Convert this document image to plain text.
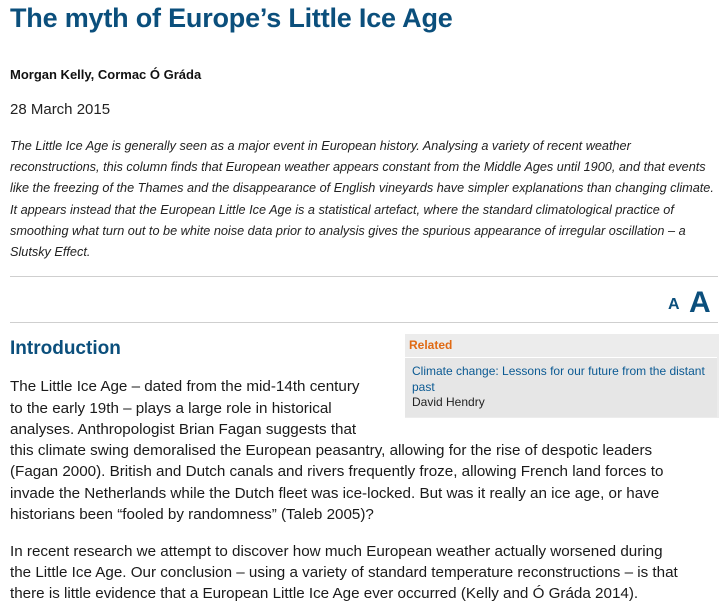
The myth of Europe’s Little Ice Age
Morgan Kelly, Cormac Ó Gráda
28 March 2015

The Little Ice Age is generally seen as a major event in European history. Analysing a variety of recent weather reconstructions, this column finds that European weather appears constant from the Middle Ages until 1900, and that events like the freezing of the Thames and the disappearance of English vineyards have simpler explanations than changing climate. It appears instead that the European Little Ice Age is a statistical artefact, where the standard climatological practice of smoothing what turn out to be white noise data prior to analysis gives the spurious appearance of irregular oscillation – a Slutsky Effect.

A A
Introduction	Related
Climate change: Lessons for our future from the distant past
David Hendry
The Little Ice Age – dated from the mid-14th century
to the early 19th – plays a large role in historical
analyses. Anthropologist Brian Fagan suggests that
this climate swing demoralised the European peasantry, allowing for the rise of despotic leaders
(Fagan 2000). British and Dutch canals and rivers frequently froze, allowing French land forces to
invade the Netherlands while the Dutch fleet was ice-locked. But was it really an ice age, or have
historians been “fooled by randomness” (Taleb 2005)?
In recent research we attempt to discover how much European weather actually worsened during
the Little Ice Age. Our conclusion – using a variety of standard temperature reconstructions – is that
there is little evidence that a European Little Ice Age ever occurred (Kelly and Ó Gráda 2014).
